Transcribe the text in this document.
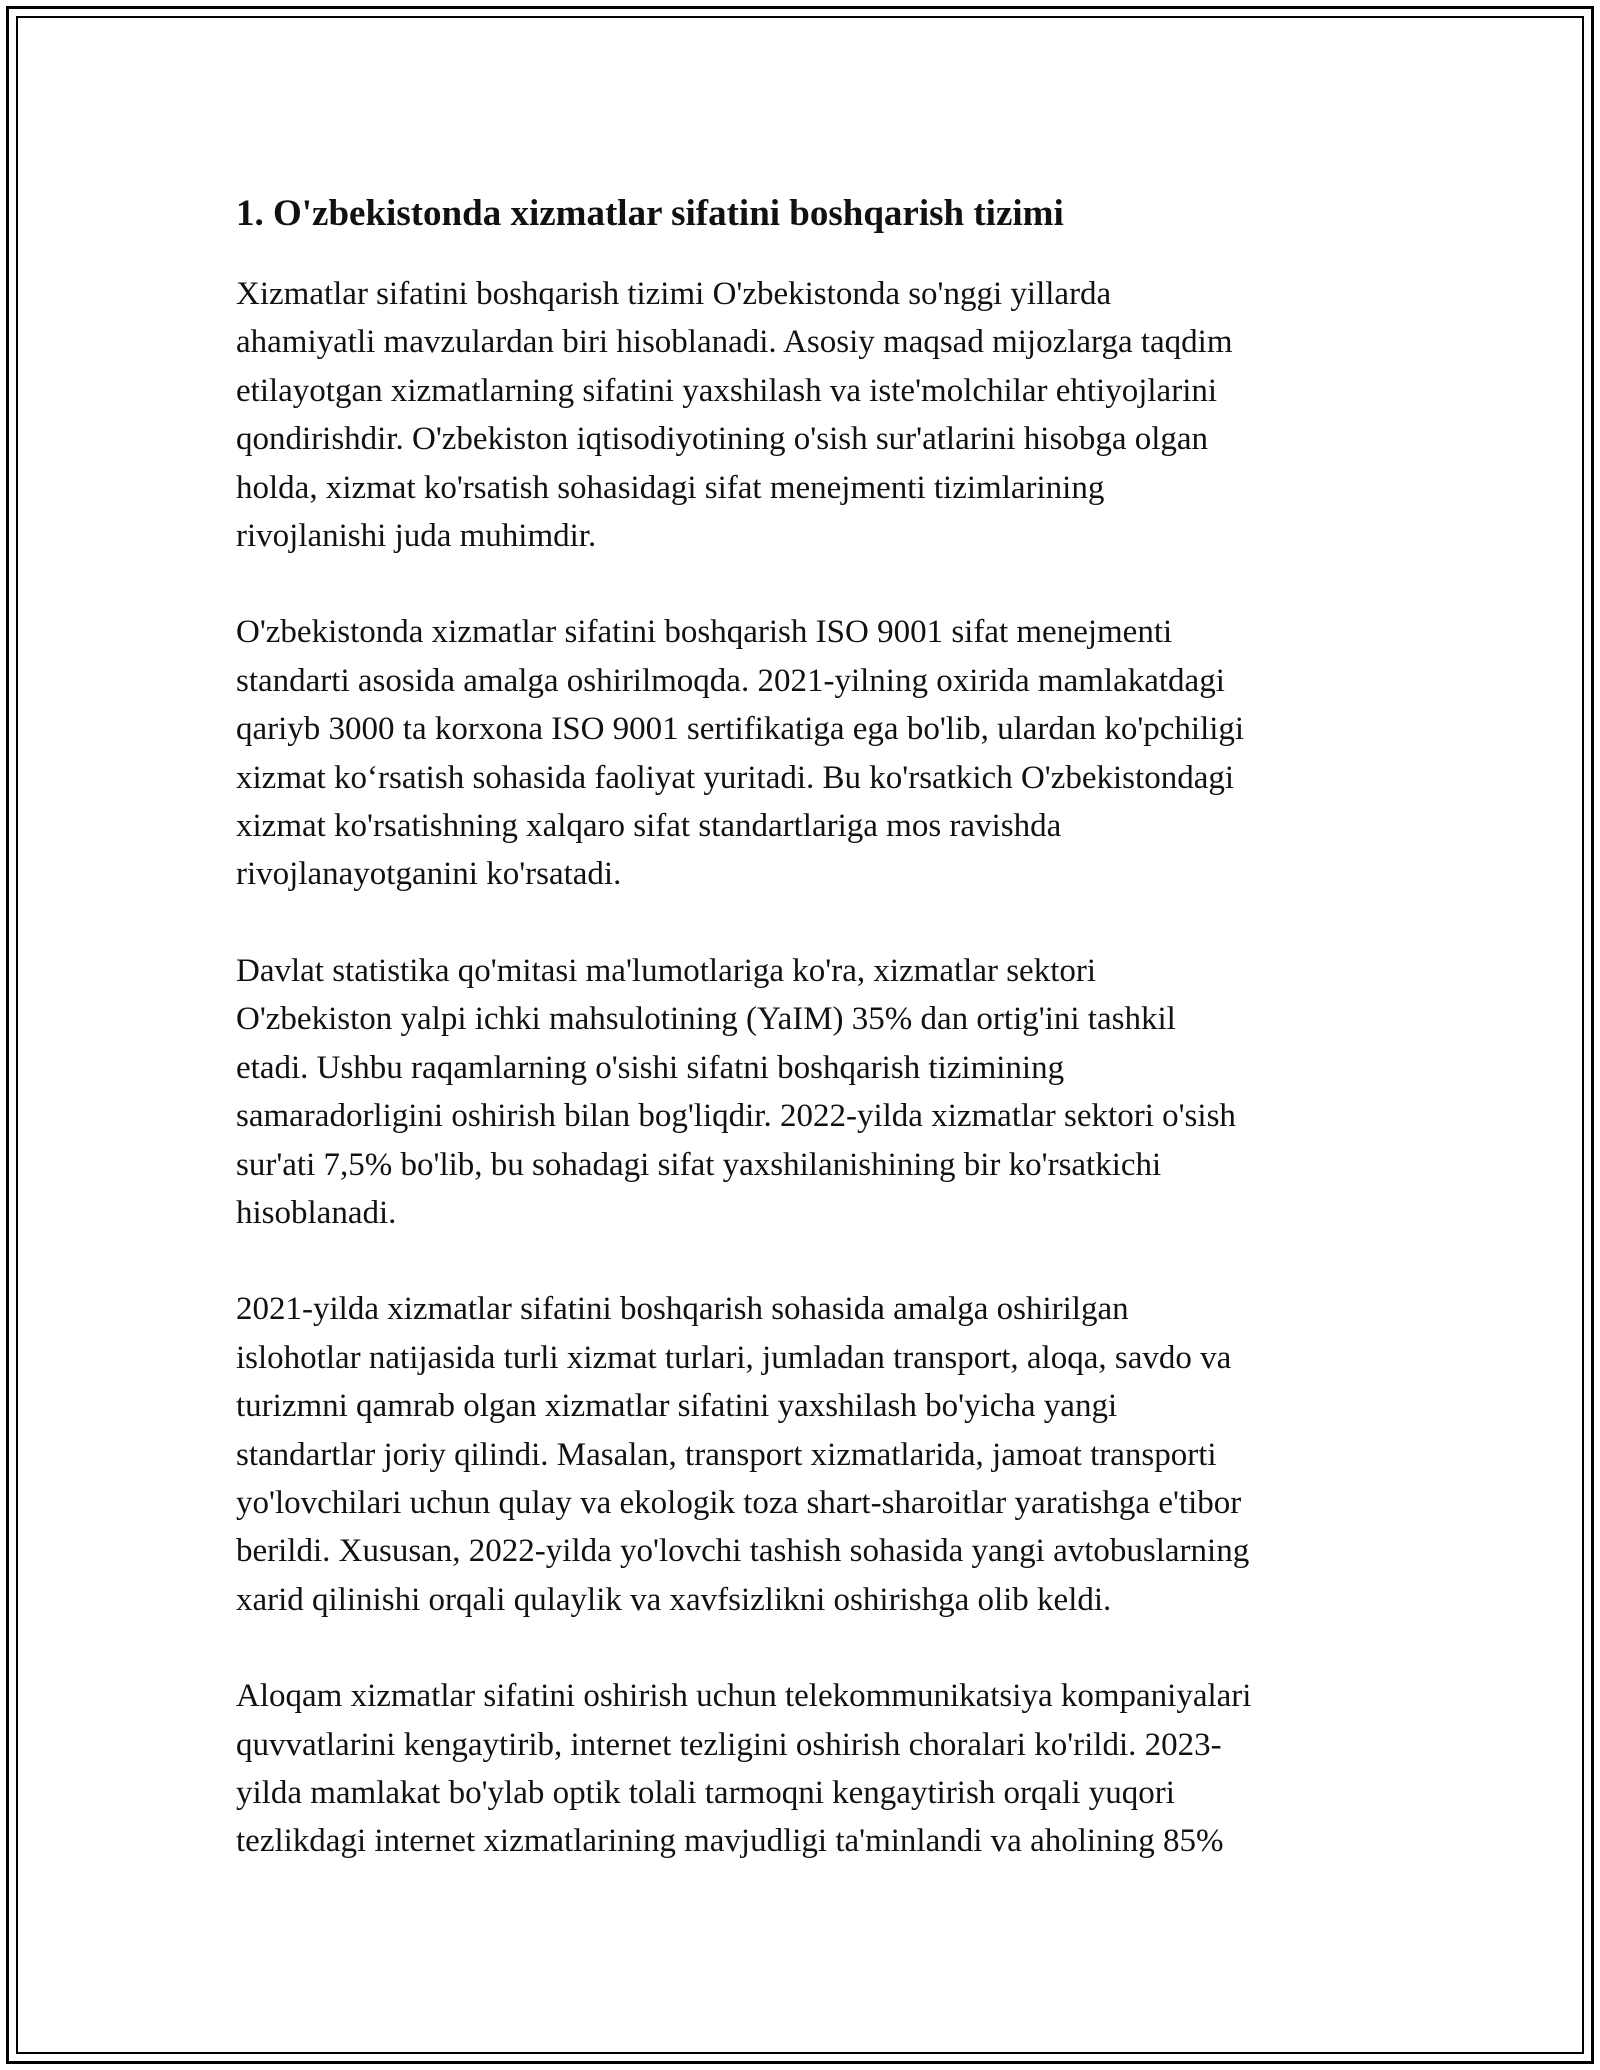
1. O'zbekistonda xizmatlar sifatini boshqarish tizimi

Xizmatlar sifatini boshqarish tizimi O'zbekistonda so'nggi yillarda
ahamiyatli mavzulardan biri hisoblanadi. Asosiy maqsad mijozlarga taqdim
etilayotgan xizmatlarning sifatini yaxshilash va iste'molchilar ehtiyojlarini
qondirishdir. O'zbekiston iqtisodiyotining o'sish sur'atlarini hisobga olgan
holda, xizmat ko'rsatish sohasidagi sifat menejmenti tizimlarining
rivojlanishi juda muhimdir.

O'zbekistonda xizmatlar sifatini boshqarish ISO 9001 sifat menejmenti
standarti asosida amalga oshirilmoqda. 2021-yilning oxirida mamlakatdagi
qariyb 3000 ta korxona ISO 9001 sertifikatiga ega bo'lib, ulardan ko'pchiligi
xizmat ko‘rsatish sohasida faoliyat yuritadi. Bu ko'rsatkich O'zbekistondagi
xizmat ko'rsatishning xalqaro sifat standartlariga mos ravishda
rivojlanayotganini ko'rsatadi.

Davlat statistika qo'mitasi ma'lumotlariga ko'ra, xizmatlar sektori
O'zbekiston yalpi ichki mahsulotining (YaIM) 35% dan ortig'ini tashkil
etadi. Ushbu raqamlarning o'sishi sifatni boshqarish tizimining
samaradorligini oshirish bilan bog'liqdir. 2022-yilda xizmatlar sektori o'sish
sur'ati 7,5% bo'lib, bu sohadagi sifat yaxshilanishining bir ko'rsatkichi
hisoblanadi.

2021-yilda xizmatlar sifatini boshqarish sohasida amalga oshirilgan
islohotlar natijasida turli xizmat turlari, jumladan transport, aloqa, savdo va
turizmni qamrab olgan xizmatlar sifatini yaxshilash bo'yicha yangi
standartlar joriy qilindi. Masalan, transport xizmatlarida, jamoat transporti
yo'lovchilari uchun qulay va ekologik toza shart-sharoitlar yaratishga e'tibor
berildi. Xususan, 2022-yilda yo'lovchi tashish sohasida yangi avtobuslarning
xarid qilinishi orqali qulaylik va xavfsizlikni oshirishga olib keldi.

Aloqam xizmatlar sifatini oshirish uchun telekommunikatsiya kompaniyalari
quvvatlarini kengaytirib, internet tezligini oshirish choralari ko'rildi. 2023-
yilda mamlakat bo'ylab optik tolali tarmoqni kengaytirish orqali yuqori
tezlikdagi internet xizmatlarining mavjudligi ta'minlandi va aholining 85%
